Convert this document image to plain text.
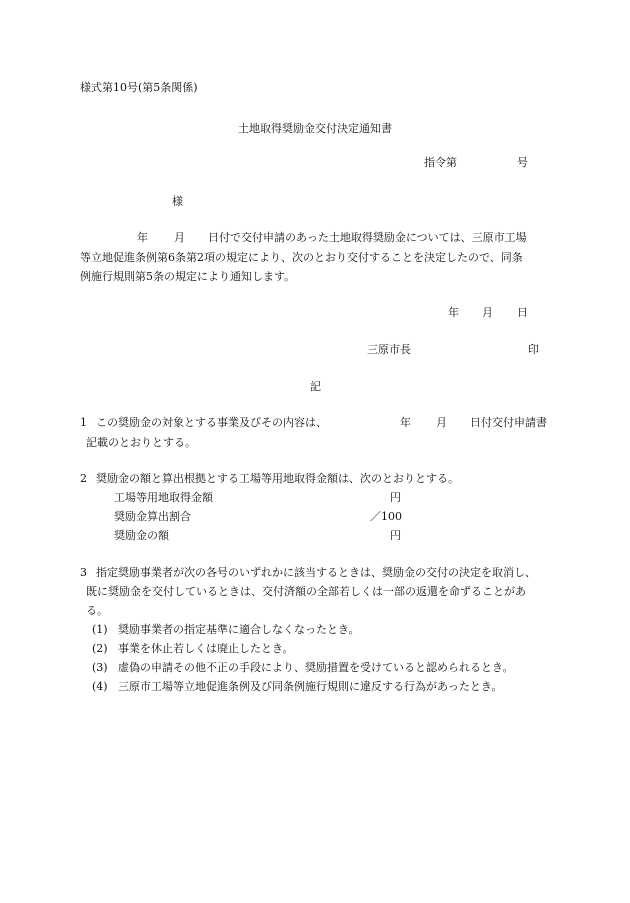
様式第10号(第5条関係)
土地取得奨励金交付決定通知書
指令第	号
様
年 月 日付で交付申請のあった土地取得奨励金については、三原市工場
等立地促進条例第6条第2項の規定により、次のとおり交付することを決定したので、同条
例施行規則第5条の規定により通知します。
年 月 日
三原市長	印
記
1 この奨励金の対象とする事業及びその内容は、	年 月 日付交付申請書
記載のとおりとする。
2 奨励金の額と算出根拠とする工場等用地取得金額は、次のとおりとする。
工場等用地取得金額	円
奨励金算出割合	／100
奨励金の額	円
3 指定奨励事業者が次の各号のいずれかに該当するときは、奨励金の交付の決定を取消し、
既に奨励金を交付しているときは、交付済額の全部若しくは一部の返還を命ずることがあ
る。
(1) 奨励事業者の指定基準に適合しなくなったとき。
(2) 事業を休止若しくは廃止したとき。
(3) 虚偽の申請その他不正の手段により、奨励措置を受けていると認められるとき。
(4) 三原市工場等立地促進条例及び同条例施行規則に違反する行為があったとき。
